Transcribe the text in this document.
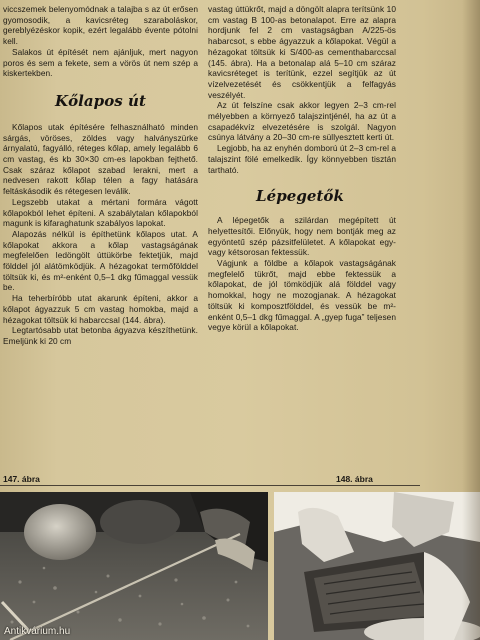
viccszemek belenyomódnak a talajba s az út erősen gyomosodik, a kavicsréteg szaraboláskor, gereblyézéskor kopik, ezért legalább évente pótolni kell.

Salakos út építését nem ajánljuk, mert nagyon poros és sem a fekete, sem a vörös út nem szép a kiskertekben.

Kőlapos út

Kőlapos utak építésére felhasználható minden sárgás, vöröses, zöldes vagy halványszürke árnyalatú, fagyálló, réteges kőlap, amely legalább 6 cm vastag, és kb 30×30 cm-es lapokban fejthető. Csak száraz kőlapot szabad lerakni, mert a nedvesen rakott kőlap télen a fagy hatására feltáskásodik és rétegesen leválik.

Legszebb utakat a mértani formára vágott kőlapokból lehet építeni. A szabálytalan kőlapokból magunk is kifaraghatunk szabályos lapokat.

Alapozás nélkül is építhetünk kőlapos utat. A kőlapokat akkora a kőlap vastagságának megfelelően ledöngölt úttükörbe fektetjük, majd földdel jól alátömködjük. A hézagokat termőfölddel töltsük ki, és m²-enként 0,5–1 dkg fűmaggal vessük be.

Ha teherbíróbb utat akarunk építeni, akkor a kőlapot ágyazzuk 5 cm vastag homokba, majd a hézagokat töltsük ki habarccsal (144. ábra).

Legtartósabb utat betonba ágyazva készíthetünk. Emeljünk ki 20 cm

vastag úttükrőt, majd a döngölt alapra terítsünk 10 cm vastag B 100-as betonalapot. Erre az alapra hordjunk fel 2 cm vastagságban A/225-ös habarcsot, s ebbe ágyazzuk a kőlapokat. Végül a hézagokat töltsük ki S/400-as cementhabarccsal (145. ábra). Ha a betonalap alá 5–10 cm száraz kavicsréteget is terítünk, ezzel segítjük az út vízelvezetését és csökkentjük a felfagyás veszélyét.

Az út felszíne csak akkor legyen 2–3 cm-rel mélyebben a környező talajszintjénél, ha az út a csapadékvíz elvezetésére is szolgál. Nagyon csúnya látvány a 20–30 cm-re süllyesztett kerti út.

Legjobb, ha az enyhén domború út 2–3 cm-rel a talajszint fölé emelkedik. Így könnyebben tisztán tartható.

Lépegetők

A lépegetők a szilárdan megépített út helyettesítői. Előnyük, hogy nem bontják meg az egyöntetű szép pázsitfelületet. A kőlapokat egy- vagy kétsorosan fektessük.

Vágjunk a földbe a kőlapok vastagságának megfelelő tükrőt, majd ebbe fektessük a kőlapokat, de jól tömködjük alá földdel vagy homokkal, hogy ne mozogjanak. A hézagokat töltsük ki komposztfölddel, és vessük be m²-enként 0,5–1 dkg fűmaggal. A „gyep fuga” teljesen vegye körül a kőlapokat.

147. ábra	148. ábra
Antikvárium.hu
